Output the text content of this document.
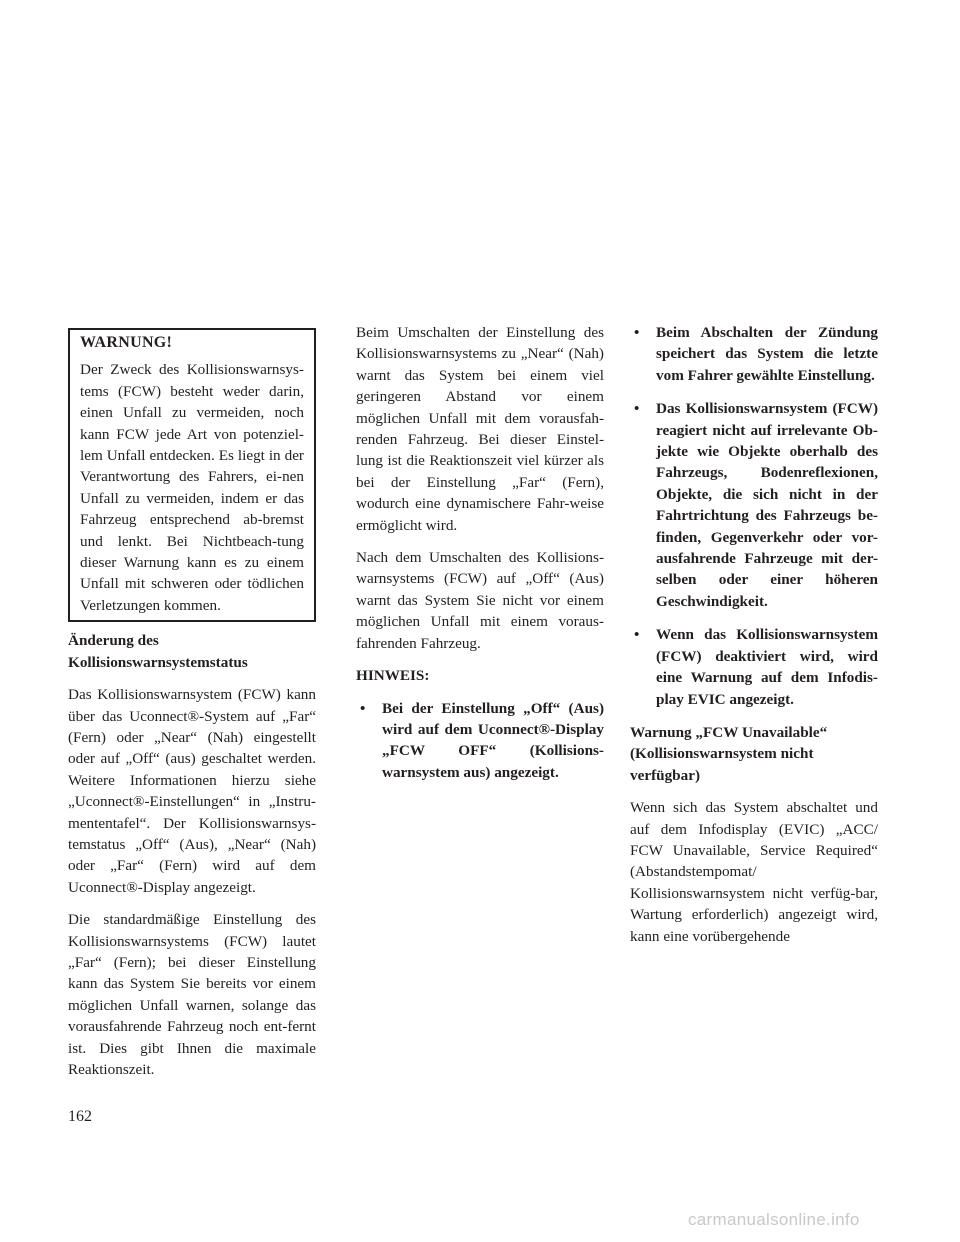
WARNUNG!

Der Zweck des Kollisionswarnsys-tems (FCW) besteht weder darin, einen Unfall zu vermeiden, noch kann FCW jede Art von potenziel-lem Unfall entdecken. Es liegt in der Verantwortung des Fahrers, ei-nen Unfall zu vermeiden, indem er das Fahrzeug entsprechend ab-bremst und lenkt. Bei Nichtbeach-tung dieser Warnung kann es zu einem Unfall mit schweren oder tödlichen Verletzungen kommen.

Änderung des Kollisionswarnsystemstatus

Das Kollisionswarnsystem (FCW) kann über das Uconnect®-System auf „Far“ (Fern) oder „Near“ (Nah) eingestellt oder auf „Off“ (aus) geschaltet werden. Weitere Informationen hierzu siehe „Uconnect®-Einstellungen“ in „Instru-mententafel“. Der Kollisionswarnsys-temstatus „Off“ (Aus), „Near“ (Nah) oder „Far“ (Fern) wird auf dem Uconnect®-Display angezeigt.

Die standardmäßige Einstellung des Kollisionswarnsystems (FCW) lautet „Far“ (Fern); bei dieser Einstellung kann das System Sie bereits vor einem möglichen Unfall warnen, solange das vorausfahrende Fahrzeug noch ent-fernt ist. Dies gibt Ihnen die maximale Reaktionszeit.

Beim Umschalten der Einstellung des Kollisionswarnsystems zu „Near“ (Nah) warnt das System bei einem viel geringeren Abstand vor einem möglichen Unfall mit dem vorausfah-renden Fahrzeug. Bei dieser Einstel-lung ist die Reaktionszeit viel kürzer als bei der Einstellung „Far“ (Fern), wodurch eine dynamischere Fahr-weise ermöglicht wird.

Nach dem Umschalten des Kollisions-warnsystems (FCW) auf „Off“ (Aus) warnt das System Sie nicht vor einem möglichen Unfall mit einem voraus-fahrenden Fahrzeug.

HINWEIS:
• Bei der Einstellung „Off“ (Aus) wird auf dem Uconnect®-Display „FCW OFF“ (Kollisions-warnsystem aus) angezeigt.
• Beim Abschalten der Zündung speichert das System die letzte vom Fahrer gewählte Einstellung.
• Das Kollisionswarnsystem (FCW) reagiert nicht auf irrelevante Ob-jekte wie Objekte oberhalb des Fahrzeugs, Bodenreflexionen, Objekte, die sich nicht in der Fahrtrichtung des Fahrzeugs be-finden, Gegenverkehr oder vor-ausfahrende Fahrzeuge mit der-selben oder einer höheren Geschwindigkeit.
• Wenn das Kollisionswarnsystem (FCW) deaktiviert wird, wird eine Warnung auf dem Infodis-play EVIC angezeigt.
Warnung „FCW Unavailable“ (Kollisionswarnsystem nicht verfügbar)

Wenn sich das System abschaltet und auf dem Infodisplay (EVIC) „ACC/ FCW Unavailable, Service Required“ (Abstandstempomat/ Kollisionswarnsystem nicht verfüg-bar, Wartung erforderlich) angezeigt wird, kann eine vorübergehende

162
carmanualsonline.info
